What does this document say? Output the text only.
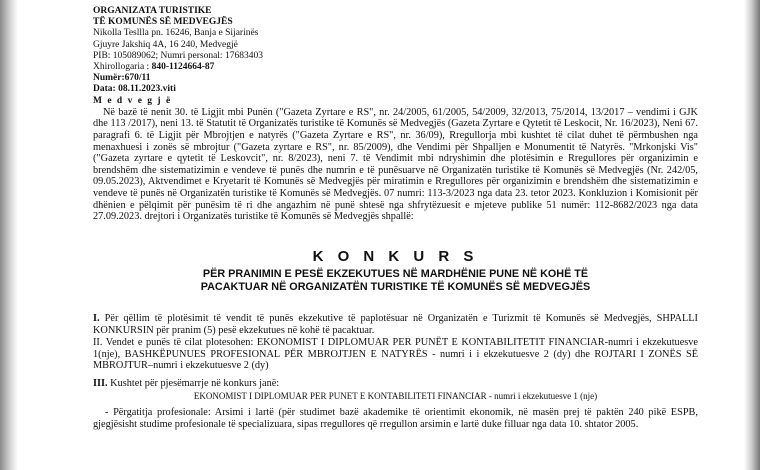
ORGANIZATA TURISTIKE

TË KOMUNËS SË MEDVEGJËS

Nikolla Tesllla pn. 16246, Banja e Sijarinës

Gjuyre Jakshiq 4A, 16 240, Medvegjë

PIB: 105089062; Numri personal: 17683403

Xhirollogaria : 840-1124664-87

Numër:670/11

Data: 08.11.2023.viti

M e d v e g j ë

Në bazë të nenit 30. të Ligjit mbi Punën ("Gazeta Zyrtare e RS", nr. 24/2005, 61/2005, 54/2009, 32/2013, 75/2014, 13/2017 – vendimi i GJK dhe 113 /2017), neni 13. të Statutit të Organizatës turistike të Komunës së Medvegjës (Gazeta Zyrtare e Qytetit të Leskocit, Nr. 16/2023), Neni 67. paragrafi 6. të Ligjit për Mbrojtjen e natyrës ("Gazeta Zyrtare e RS", nr. 36/09), Rregullorja mbi kushtet të cilat duhet të përmbushen nga menaxhuesi i zonës së mbrojtur ("Gazeta zyrtare e RS", nr. 85/2009), dhe Vendimi për Shpalljen e Monumentit të Natyrës. "Mrkonjski Vis" ("Gazeta zyrtare e qytetit të Leskovcit", nr. 8/2023), neni 7. të Vendimit mbi ndryshimin dhe plotësimin e Rregullores për organizimin e brendshëm dhe sistematizimin e vendeve të punës dhe numrin e të punësuarve në Organizatën turistike të Komunës së Medvegjës (Nr. 242/05, 09.05.2023), Aktvendimet e Kryetarit të Komunës së Medvegjës për miratimin e Rregullores për organizimin e brendshëm dhe sistematizimin e vendeve të punës në Organizatën turistike të Komunës së Medvegjës. 07 numri: 113-3/2023 nga data 23. tetor 2023. Konkluzion i Komisionit për dhënien e pëlqimit për punësim të ri dhe angazhim në punë shtesë nga shfrytëzuesit e mjeteve publike 51 numër: 112-8682/2023 nga data 27.09.2023. drejtori i Organizatës turistike të Komunës së Medvegjës shpallë:

K O N K U R S

PËR PRANIMIN E PESË EKZEKUTUES NË MARDHËNIE PUNE NË KOHË TË
PACAKTUAR NË ORGANIZATËN TURISTIKE TË KOMUNËS SË MEDVEGJËS

I. Për qëllim të plotësimit të vendit të punës ekzekutive të paplotësuar në Organizatën e Turizmit të Komunës së Medvegjës, SHPALLI KONKURSIN për pranim (5) pesë ekzekutues në kohë të pacaktuar.

II. Vendet e punës të cilat plotesohen: EKONOMIST I DIPLOMUAR PER PUNËT E KONTABILITETIT FINANCIAR-numri i ekzekutuesve 1(nje), BASHKËPUNUES PROFESIONAL PËR MBROJTJEN E NATYRËS - numri i i ekzekutuesve 2 (dy) dhe ROJTARI I ZONËS SË MBROJTUR–numri i ekzekutuesve 2 (dy)

III. Kushtet për pjesëmarrje në konkurs janë:

EKONOMIST I DIPLOMUAR PER PUNET E KONTABILITETI FINANCIAR - numri i ekzekutuesve 1 (nje)

- Përgatitja profesionale: Arsimi i lartë (për studimet bazë akademike të orientimit ekonomik, në masën prej të paktën 240 pikë ESPB, gjegjësisht studime profesionale të specializuara, sipas rregullores që rregullon arsimin e lartë duke filluar nga data 10. shtator 2005.
